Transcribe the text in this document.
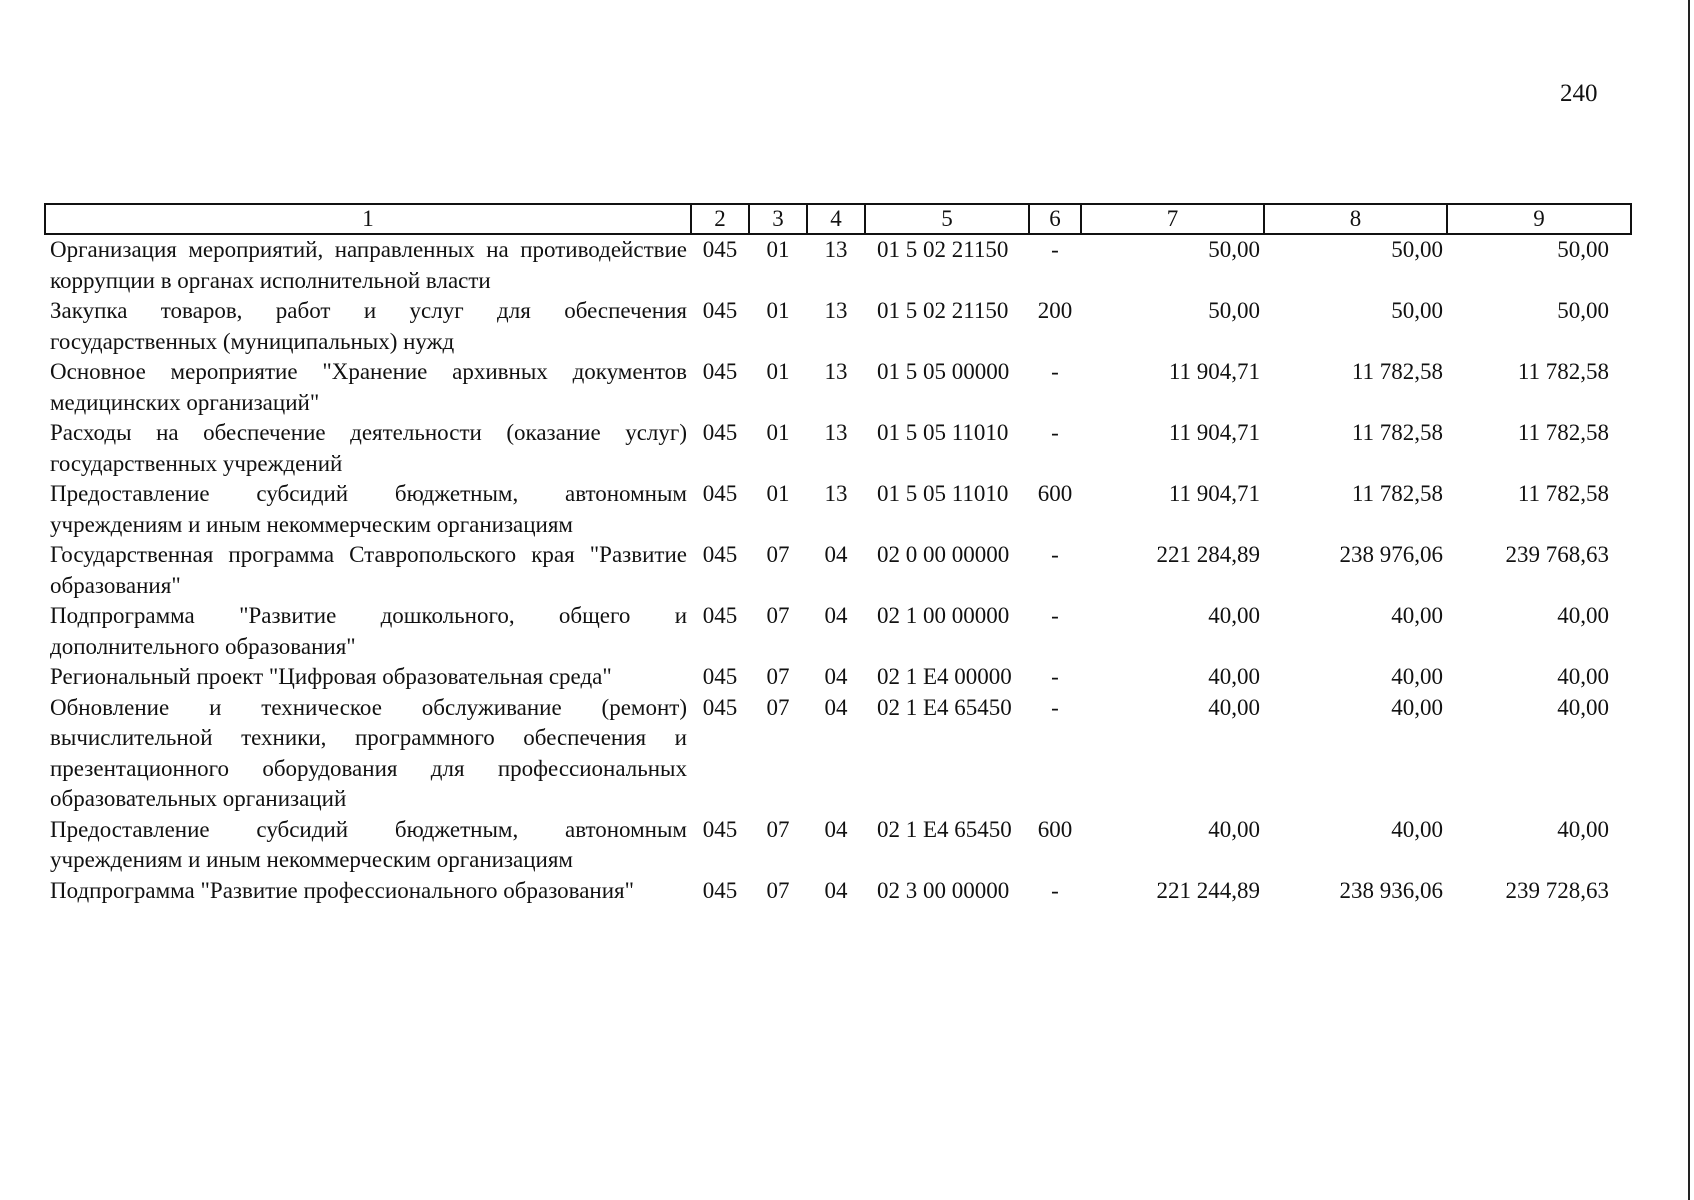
240
1	2	3	4	5	6	7	8	9
Организация мероприятий, направленных на противодействие коррупции в органах исполнительной власти	045	01	13	01 5 02 21150	-	50,00	50,00	50,00
Закупка товаров, работ и услуг для обеспечения государственных (муниципальных) нужд	045	01	13	01 5 02 21150	200	50,00	50,00	50,00
Основное мероприятие "Хранение архивных документов медицинских организаций"	045	01	13	01 5 05 00000	-	11 904,71	11 782,58	11 782,58
Расходы на обеспечение деятельности (оказание услуг) государственных учреждений	045	01	13	01 5 05 11010	-	11 904,71	11 782,58	11 782,58
Предоставление субсидий бюджетным, автономным учреждениям и иным некоммерческим организациям	045	01	13	01 5 05 11010	600	11 904,71	11 782,58	11 782,58
Государственная программа Ставропольского края "Развитие образования"	045	07	04	02 0 00 00000	-	221 284,89	238 976,06	239 768,63
Подпрограмма "Развитие дошкольного, общего и дополнительного образования"	045	07	04	02 1 00 00000	-	40,00	40,00	40,00
Региональный проект "Цифровая образовательная среда"	045	07	04	02 1 E4 00000	-	40,00	40,00	40,00
Обновление и техническое обслуживание (ремонт) вычислительной техники, программного обеспечения и презентационного оборудования для профессиональных образовательных организаций	045	07	04	02 1 E4 65450	-	40,00	40,00	40,00
Предоставление субсидий бюджетным, автономным учреждениям и иным некоммерческим организациям	045	07	04	02 1 E4 65450	600	40,00	40,00	40,00
Подпрограмма "Развитие профессионального образования"	045	07	04	02 3 00 00000	-	221 244,89	238 936,06	239 728,63
